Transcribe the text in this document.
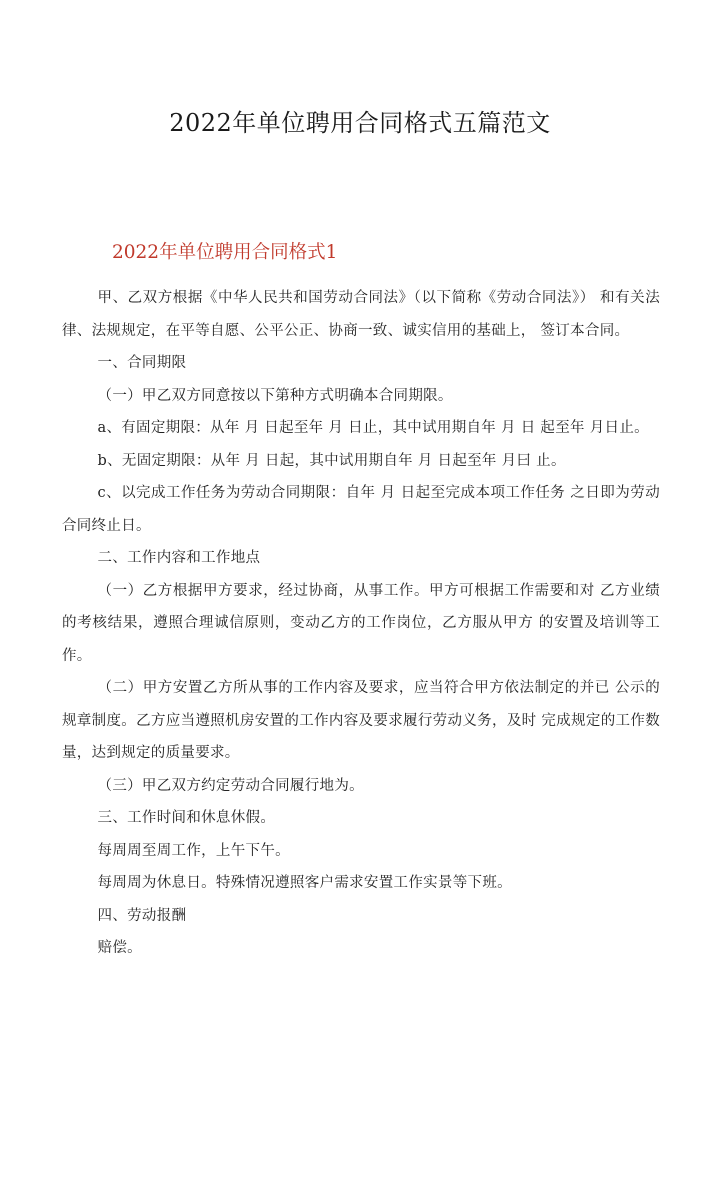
2022年单位聘用合同格式五篇范文
2022年单位聘用合同格式1

甲、乙双方根据《中华人民共和国劳动合同法》（以下简称《劳动合同法》） 和有关法律、法规规定，在平等自愿、公平公正、协商一致、诚实信用的基础上， 签订本合同。

一、合同期限

（一）甲乙双方同意按以下第种方式明确本合同期限。

a、有固定期限：从年 月 日起至年 月 日止，其中试用期自年 月 日 起至年 月日止。

b、无固定期限：从年 月 日起，其中试用期自年 月 日起至年 月曰 止。

c、以完成工作任务为劳动合同期限：自年 月 日起至完成本项工作任务 之日即为劳动合同终止日。

二、工作内容和工作地点

（一）乙方根据甲方要求，经过协商，从事工作。甲方可根据工作需要和对 乙方业绩的考核结果，遵照合理诚信原则，变动乙方的工作岗位，乙方服从甲方 的安置及培训等工作。

（二）甲方安置乙方所从事的工作内容及要求，应当符合甲方依法制定的并已 公示的规章制度。乙方应当遵照机房安置的工作内容及要求履行劳动义务，及时 完成规定的工作数量，达到规定的质量要求。

（三）甲乙双方约定劳动合同履行地为。

三、工作时间和休息休假。

每周周至周工作，上午下午。

每周周为休息日。特殊情况遵照客户需求安置工作实景等下班。

四、劳动报酬

赔偿。
